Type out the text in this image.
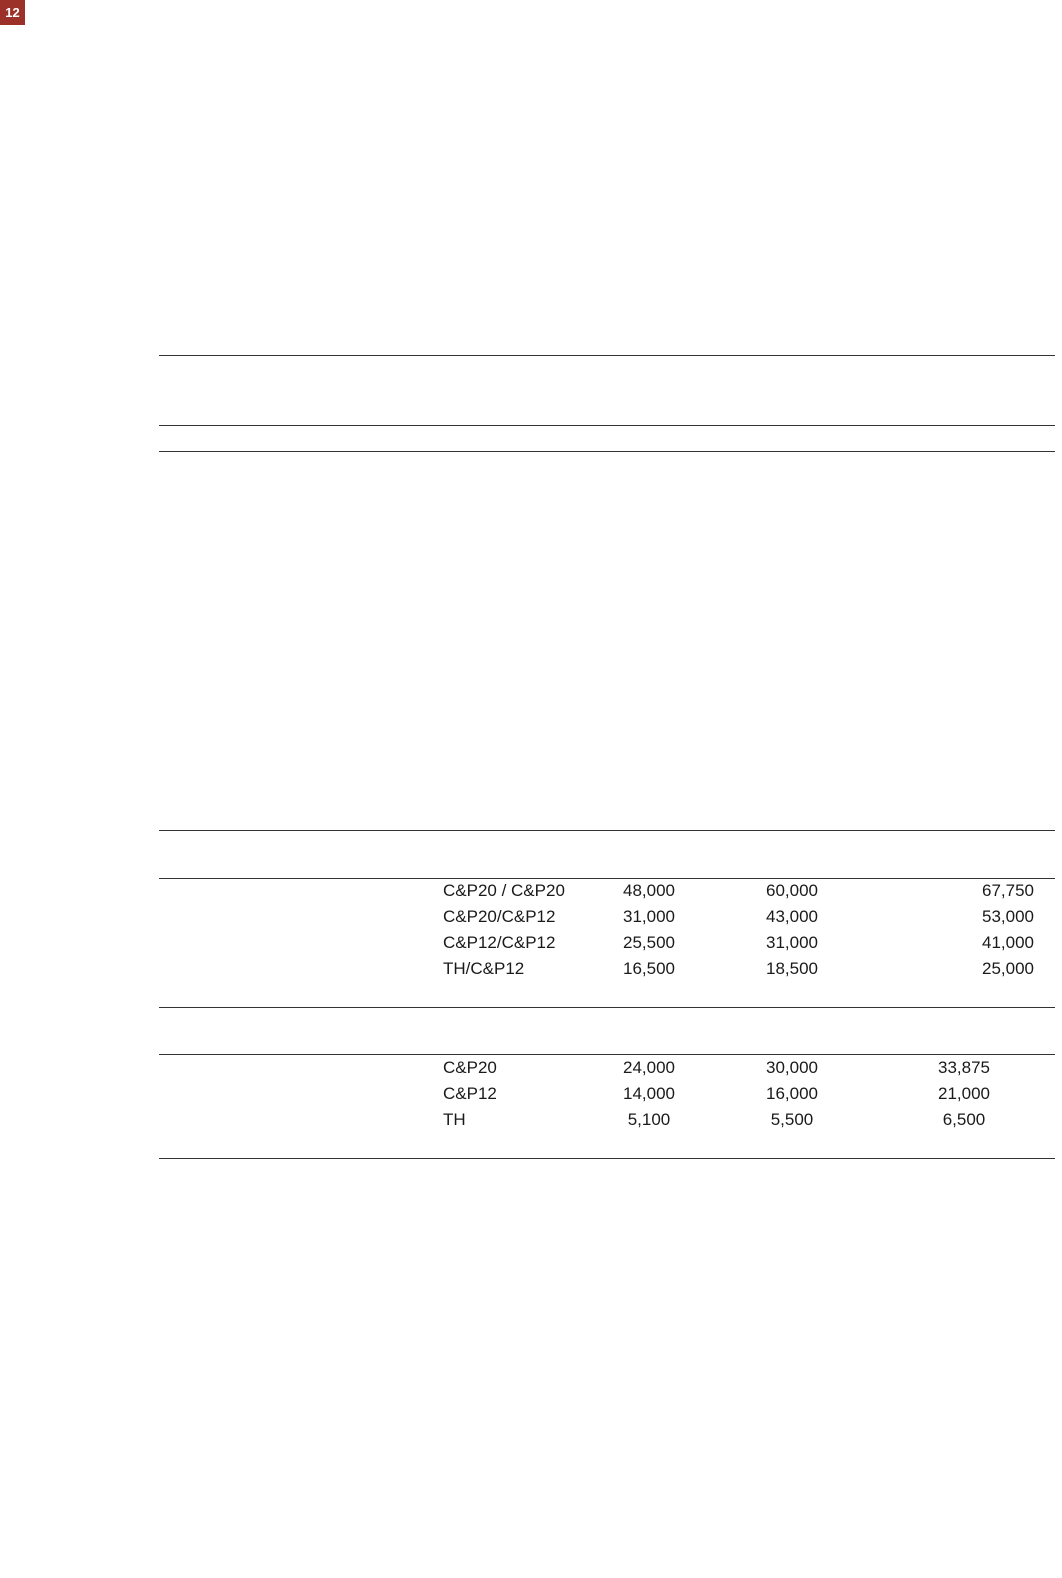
12
C&P20 / C&P20	48,000	60,000	67,750
C&P20/C&P12	31,000	43,000	53,000
C&P12/C&P12	25,500	31,000	41,000
TH/C&P12	16,500	18,500	25,000
C&P20	24,000	30,000	33,875
C&P12	14,000	16,000	21,000
TH	5,100	5,500	6,500
